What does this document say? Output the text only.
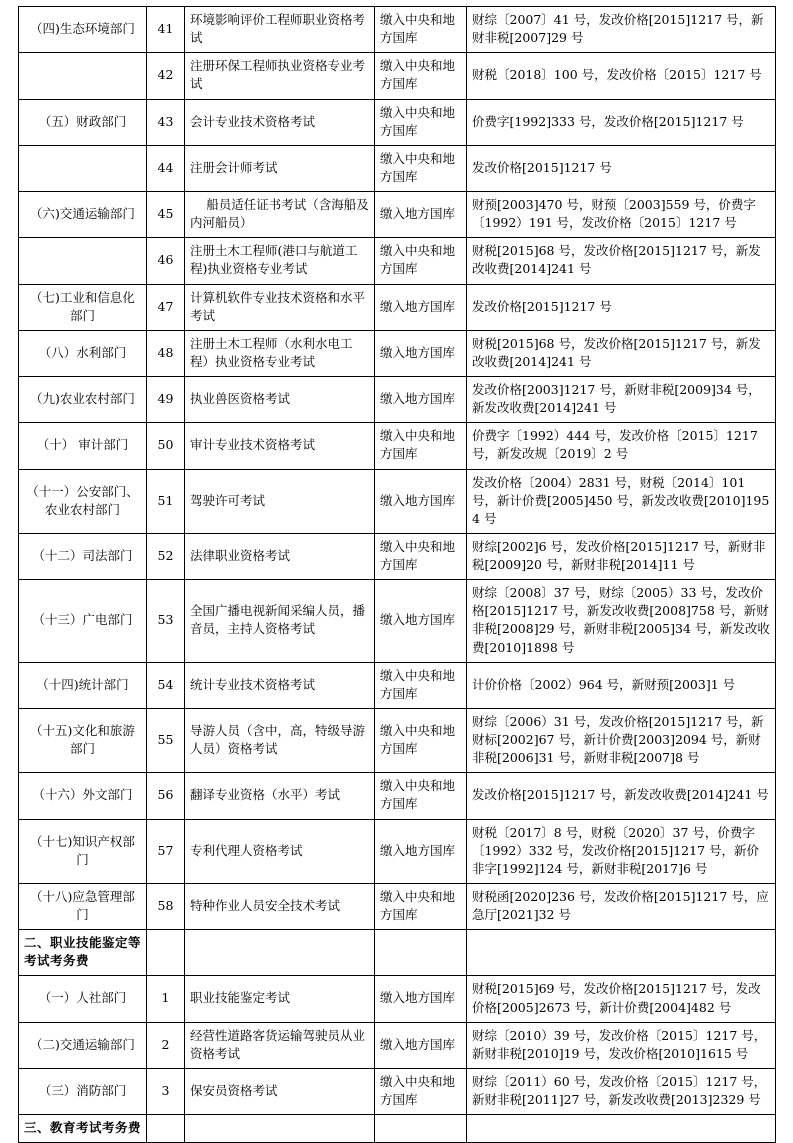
（四)生态环境部门	41	环境影响评价工程师职业资格考试	缴入中央和地方国库	财综〔2007〕41 号，发改价格[2015]1217 号，新财非税[2007]29 号
	42	注册环保工程师执业资格专业考试	缴入中央和地方国库	财税〔2018〕100 号，发改价格〔2015〕1217 号
（五）财政部门	43	会计专业技术资格考试	缴入中央和地方国库	价费字[1992]333 号，发改价格[2015]1217 号
	44	注册会计师考试	缴入中央和地方国库	发改价格[2015]1217 号
（六)交通运输部门	45	船员适任证书考试（含海船及内河船员）	缴入地方国库	财预[2003]470 号，财预〔2003]559 号，价费字〔1992）191 号，发改价格〔2015〕1217 号
	46	注册土木工程师(港口与航道工程)执业资格专业考试	缴入中央和地方国库	财税[2015]68 号，发改价格[2015]1217 号，新发改收费[2014]241 号
（七)工业和信息化部门	47	计算机软件专业技术资格和水平考试	缴入地方国库	发改价格[2015]1217 号
（八）水利部门	48	注册土木工程师（水利水电工程）执业资格专业考试	缴入地方国库	财税[2015]68 号，发改价格[2015]1217 号，新发改收费[2014]241 号
（九)农业农村部门	49	执业兽医资格考试	缴入地方国库	发改价格[2003]1217 号，新财非税[2009]34 号，新发改收费[2014]241 号
（十） 审计部门	50	审计专业技术资格考试	缴入中央和地方国库	价费字〔1992）444 号，发改价格〔2015〕1217 号，新发改规〔2019〕2 号
（十一）公安部门、农业农村部门	51	驾驶许可考试	缴入地方国库	发改价格〔2004）2831 号，财税〔2014〕101 号，新计价费[2005]450 号，新发改收费[2010]1954 号
（十二）司法部门	52	法律职业资格考试	缴入中央和地方国库	财综[2002]6 号，发改价格[2015]1217 号，新财非税[2009]20 号，新财非税[2014]11 号
（十三）广电部门	53	全国广播电视新闻采编人员，播音员，主持人资格考试	缴入地方国库	财综〔2008〕37 号，财综〔2005）33 号，发改价格[2015]1217 号，新发改收费[2008]758 号，新财非税[2008]29 号，新财非税[2005]34 号，新发改收费[2010]1898 号
（十四)统计部门	54	统计专业技术资格考试	缴入中央和地方国库	计价价格〔2002）964 号，新财预[2003]1 号
（十五)文化和旅游部门	55	导游人员（含中，高，特级导游人员）资格考试	缴入中央和地方国库	财综〔2006）31 号，发改价格[2015]1217 号，新财标[2002]67 号，新计价费[2003]2094 号，新财非税[2006]31 号，新财非税[2007]8 号
（十六）外文部门	56	翻译专业资格（水平）考试	缴入中央和地方国库	发改价格[2015]1217 号，新发改收费[2014]241 号
（十七)知识产权部门	57	专利代理人资格考试	缴入地方国库	财税〔2017〕8 号，财税〔2020〕37 号，价费字〔1992）332 号，发改价格[2015]1217 号，新价非字[1992]124 号，新财非税[2017]6 号
（十八)应急管理部门	58	特种作业人员安全技术考试	缴入中央和地方国库	财税函[2020]236 号，发改价格[2015]1217 号，应急厅[2021]32 号
二、职业技能鉴定等考试考务费				
（一）人社部门	1	职业技能鉴定考试	缴入地方国库	财税[2015]69 号，发改价格[2015]1217 号，发改价格[2005]2673 号，新计价费[2004]482 号
（二)交通运输部门	2	经营性道路客货运输驾驶员从业资格考试	缴入地方国库	财综〔2010）39 号，发改价格〔2015〕1217 号，新财非税[2010]19 号，发改价格[2010]1615 号
（三）消防部门	3	保安员资格考试	缴入中央和地方国库	财综〔2011）60 号，发改价格〔2015〕1217 号，新财非税[2011]27 号，新发改收费[2013]2329 号
三、教育考试考务费				
